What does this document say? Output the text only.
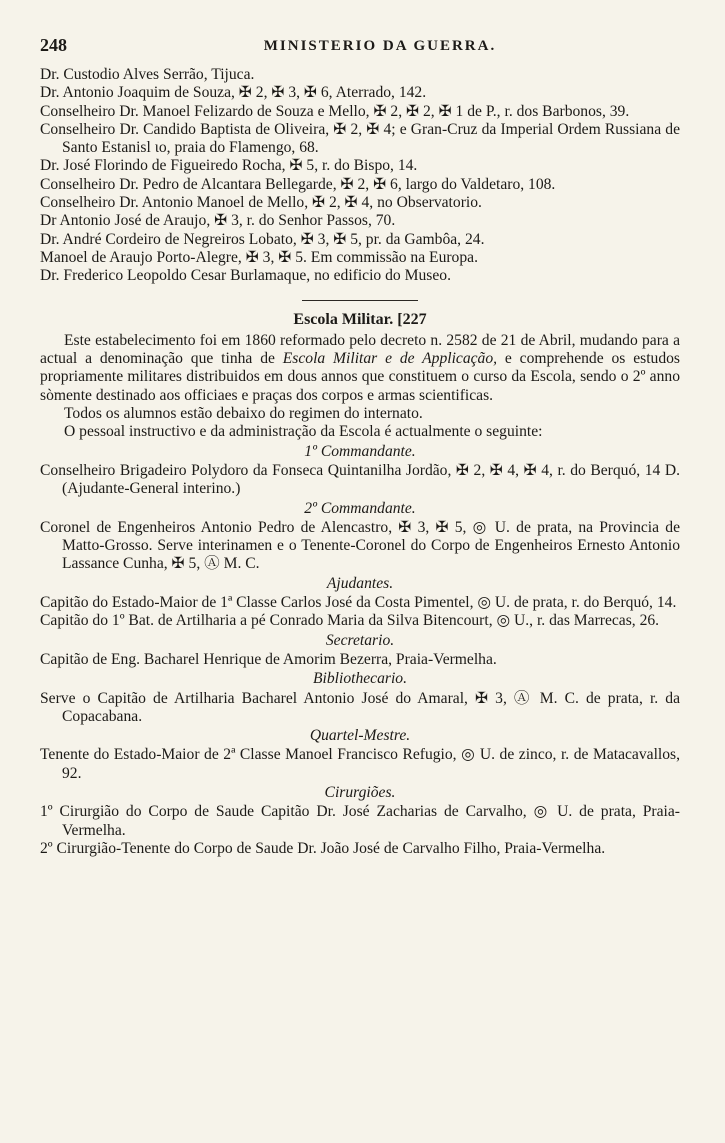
248	MINISTERIO DA GUERRA.

Dr. Custodio Alves Serrão, Tijuca.

Dr. Antonio Joaquim de Souza, ✠ 2, ✠ 3, ✠ 6, Aterrado, 142.

Conselheiro Dr. Manoel Felizardo de Souza e Mello, ✠ 2, ✠ 2, ✠ 1 de P., r. dos Barbonos, 39.

Conselheiro Dr. Candido Baptista de Oliveira, ✠ 2, ✠ 4; e Gran-Cruz da Imperial Ordem Russiana de Santo Estanisl ιo, praia do Flamengo, 68.

Dr. José Florindo de Figueiredo Rocha, ✠ 5, r. do Bispo, 14.

Conselheiro Dr. Pedro de Alcantara Bellegarde, ✠ 2, ✠ 6, largo do Valdetaro, 108.

Conselheiro Dr. Antonio Manoel de Mello, ✠ 2, ✠ 4, no Observatorio.

Dr Antonio José de Araujo, ✠ 3, r. do Senhor Passos, 70.

Dr. André Cordeiro de Negreiros Lobato, ✠ 3, ✠ 5, pr. da Gambôa, 24.

Manoel de Araujo Porto-Alegre, ✠ 3, ✠ 5. Em commissão na Europa.

Dr. Frederico Leopoldo Cesar Burlamaque, no edificio do Museo.

Escola Militar. [227

Este estabelecimento foi em 1860 reformado pelo decreto n. 2582 de 21 de Abril, mudando para a actual a denominação que tinha de Escola Militar e de Applicação, e comprehende os estudos propriamente militares distribuidos em dous annos que constituem o curso da Escola, sendo o 2º anno sòmente destinado aos officiaes e praças dos corpos e armas scientificas.

Todos os alumnos estão debaixo do regimen do internato.

O pessoal instructivo e da administração da Escola é actualmente o seguinte:

1º Commandante.

Conselheiro Brigadeiro Polydoro da Fonseca Quintanilha Jordão, ✠ 2, ✠ 4, ✠ 4, r. do Berquó, 14 D. (Ajudante-General interino.)

2º Commandante.

Coronel de Engenheiros Antonio Pedro de Alencastro, ✠ 3, ✠ 5, ◎ U. de prata, na Provincia de Matto-Grosso. Serve interinamen e o Tenente-Coronel do Corpo de Engenheiros Ernesto Antonio Lassance Cunha, ✠ 5, Ⓐ M. C.

Ajudantes.

Capitão do Estado-Maior de 1ª Classe Carlos José da Costa Pimentel, ◎ U. de prata, r. do Berquó, 14.

Capitão do 1º Bat. de Artilharia a pé Conrado Maria da Silva Bitencourt, ◎ U., r. das Marrecas, 26.

Secretario.

Capitão de Eng. Bacharel Henrique de Amorim Bezerra, Praia-Vermelha.

Bibliothecario.

Serve o Capitão de Artilharia Bacharel Antonio José do Amaral, ✠ 3, Ⓐ M. C. de prata, r. da Copacabana.

Quartel-Mestre.

Tenente do Estado-Maior de 2ª Classe Manoel Francisco Refugio, ◎ U. de zinco, r. de Matacavallos, 92.

Cirurgiões.

1º Cirurgião do Corpo de Saude Capitão Dr. José Zacharias de Carvalho, ◎ U. de prata, Praia-Vermelha.

2º Cirurgião-Tenente do Corpo de Saude Dr. João José de Carvalho Filho, Praia-Vermelha.
